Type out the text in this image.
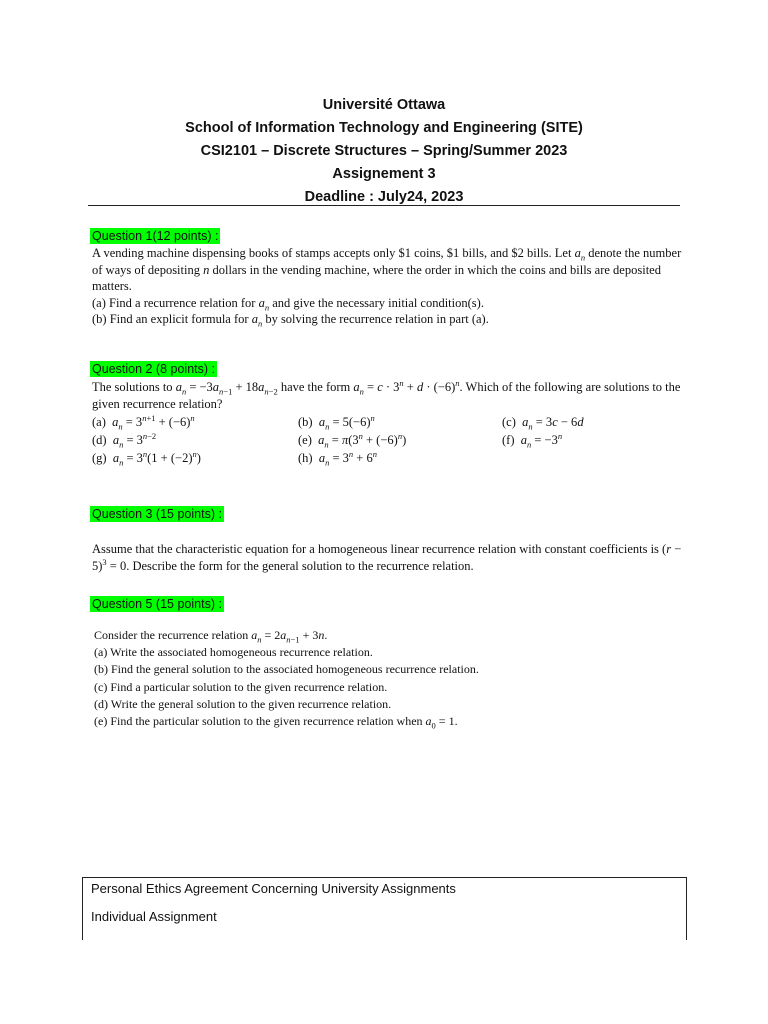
Université Ottawa
School of Information Technology and Engineering (SITE)
CSI2101 – Discrete Structures – Spring/Summer 2023
Assignement 3
Deadline : July24, 2023
Question 1(12 points) :

A vending machine dispensing books of stamps accepts only $1 coins, $1 bills, and $2 bills. Let $a_n$ denote the number of ways of depositing n dollars in the vending machine, where the order in which the coins and bills are deposited matters.

(a) Find a recurrence relation for $a_n$ and give the necessary initial condition(s).

(b) Find an explicit formula for $a_n$ by solving the recurrence relation in part (a).

Question 2 (8 points) :

The solutions to $a_n = -3a_{n-1} + 18a_{n-2}$ have the form $a_n = c \cdot 3^n + d \cdot (-6)^n$. Which of the following are solutions to the given recurrence relation?

(a) $a_n = 3^{n+1} + (-6)^n$	(b) $a_n = 5(-6)^n$	(c) $a_n = 3c - 6d$
(d) $a_n = 3^{n-2}$	(e) $a_n = \pi(3^n + (-6)^n)$	(f) $a_n = -3^n$
(g) $a_n = 3^n(1 + (-2)^n)$	(h) $a_n = 3^n + 6^n$
Question 3 (15 points) :

Assume that the characteristic equation for a homogeneous linear recurrence relation with constant coefficients is $(r - 5)^3 = 0$. Describe the form for the general solution to the recurrence relation.

Question 5 (15 points) :

Consider the recurrence relation $a_n = 2a_{n-1} + 3n$.

(a) Write the associated homogeneous recurrence relation.

(b) Find the general solution to the associated homogeneous recurrence relation.

(c) Find a particular solution to the given recurrence relation.

(d) Write the general solution to the given recurrence relation.

(e) Find the particular solution to the given recurrence relation when $a_0 = 1$.

Personal Ethics Agreement Concerning University Assignments
Individual Assignment
